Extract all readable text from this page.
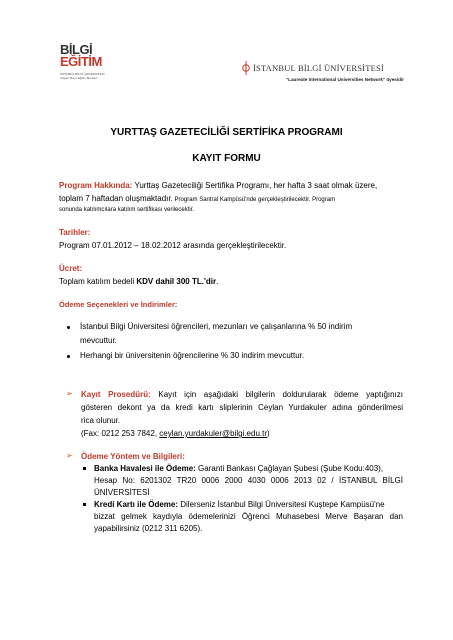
BİLGİ
EĞİTİM
İSTANBUL BİLGİ ÜNİVERSİTESİ
Yaşam Boyu Eğitim Merkezi
İSTANBUL BİLGİ ÜNİVERSİTESİ
"Laureate International Universities Network" üyesidir
YURTTAŞ GAZETECİLİĞİ SERTİFİKA PROGRAMI
KAYIT FORMU
Program Hakkında: Yurttaş Gazeteciliği Sertifika Programı, her hafta 3 saat olmak üzere,
toplam 7 haftadan oluşmaktadır. Program Santral Kampüsü'nde gerçekleştirilecektir. Program
sonunda katılımcılara katılım sertifikası verilecektir.
Tarihler:
Program 07.01.2012 – 18.02.2012 arasında gerçekleştirilecektir.
Ücret:
Toplam katılım bedeli KDV dahil 300 TL.'dir.
Ödeme Seçenekleri ve İndirimler:
İstanbul Bilgi Üniversitesi öğrencileri, mezunları ve çalışanlarına % 50 indirim
mevcuttur.
Herhangi bir üniversitenin öğrencilerine % 30 indirim mevcuttur.
➢ Kayıt Prosedürü: Kayıt için aşağıdaki bilgilerin doldurularak ödeme yaptığınızı
gösteren dekont ya da kredi kartı sliplerinin Ceylan Yurdakuler adına gönderilmesi
rica olunur.
(Fax: 0212 253 7842, ceylan.yurdakuler@bilgi.edu.tr)
➢ Ödeme Yöntem ve Bilgileri:
Banka Havalesi ile Ödeme: Garanti Bankası Çağlayan Şubesi (Şube Kodu:403),
Hesap No: 6201302 TR20 0006 2000 4030 0006 2013 02 / İSTANBUL BİLGİ
ÜNİVERSİTESİ
Kredi Kartı ile Ödeme: Dilerseniz İstanbul Bilgi Üniversitesi Kuştepe Kampüsü'ne
bizzat gelmek kaydıyla ödemelerinizi Öğrenci Muhasebesi Merve Başaran dan
yapabilirsiniz (0212 311 6205).
